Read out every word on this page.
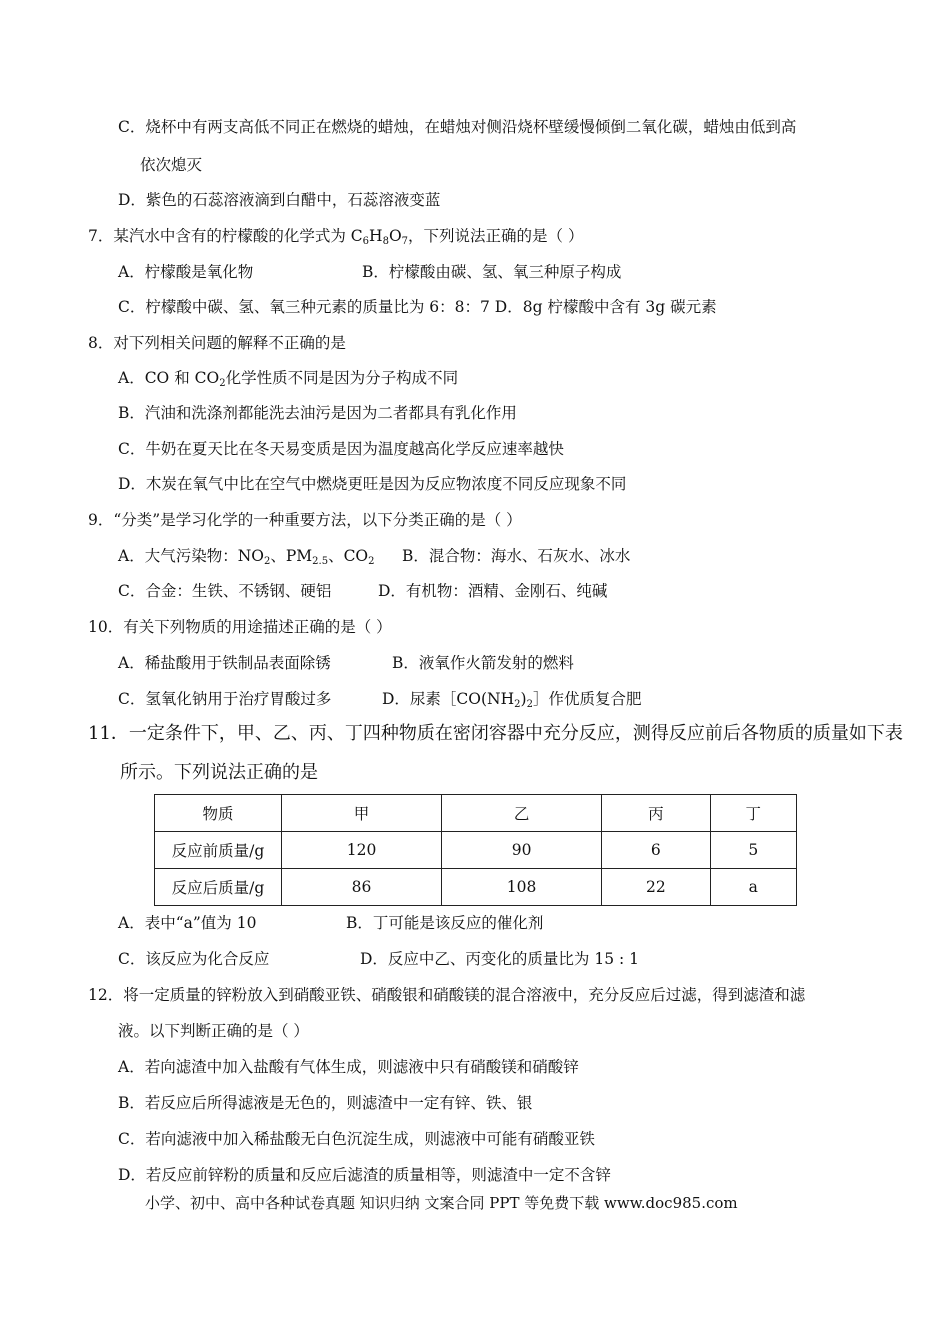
C．烧杯中有两支高低不同正在燃烧的蜡烛，在蜡烛对侧沿烧杯壁缓慢倾倒二氧化碳，蜡烛由低到高
依次熄灭
D．紫色的石蕊溶液滴到白醋中，石蕊溶液变蓝
7．某汽水中含有的柠檬酸的化学式为 $C_6H_8O_7$，下列说法正确的是（ ）
A．柠檬酸是氧化物	B．柠檬酸由碳、氢、氧三种原子构成
C．柠檬酸中碳、氢、氧三种元素的质量比为 6：8：7 D．8g 柠檬酸中含有 3g 碳元素
8．对下列相关问题的解释不正确的是
A．CO 和 $CO_2$化学性质不同是因为分子构成不同
B．汽油和洗涤剂都能洗去油污是因为二者都具有乳化作用
C．牛奶在夏天比在冬天易变质是因为温度越高化学反应速率越快
D．木炭在氧气中比在空气中燃烧更旺是因为反应物浓度不同反应现象不同
9．“分类”是学习化学的一种重要方法，以下分类正确的是（ ）
A．大气污染物：$NO_2$、$PM_{2.5}$、$CO_2$ B．混合物：海水、石灰水、冰水
C．合金：生铁、不锈钢、硬铝	D．有机物：酒精、金刚石、纯碱
10．有关下列物质的用途描述正确的是（ ）
A．稀盐酸用于铁制品表面除锈	B．液氧作火箭发射的燃料
C．氢氧化钠用于治疗胃酸过多	D．尿素$[CO(NH_2)_2]$作优质复合肥
11．一定条件下，甲、乙、丙、丁四种物质在密闭容器中充分反应，测得反应前后各物质的质量如下表
所示。下列说法正确的是
物质	甲	乙	丙	丁
反应前质量/g	120	90	6	5
反应后质量/g	86	108	22	a
A．表中“a”值为 10	B．丁可能是该反应的催化剂
C．该反应为化合反应	D．反应中乙、丙变化的质量比为 15 : 1
12．将一定质量的锌粉放入到硝酸亚铁、硝酸银和硝酸镁的混合溶液中，充分反应后过滤，得到滤渣和滤
液。以下判断正确的是（ ）
A．若向滤渣中加入盐酸有气体生成，则滤液中只有硝酸镁和硝酸锌
B．若反应后所得滤液是无色的，则滤渣中一定有锌、铁、银
C．若向滤液中加入稀盐酸无白色沉淀生成，则滤液中可能有硝酸亚铁
D．若反应前锌粉的质量和反应后滤渣的质量相等，则滤渣中一定不含锌
小学、初中、高中各种试卷真题 知识归纳 文案合同 PPT 等免费下载 www.doc985.com
